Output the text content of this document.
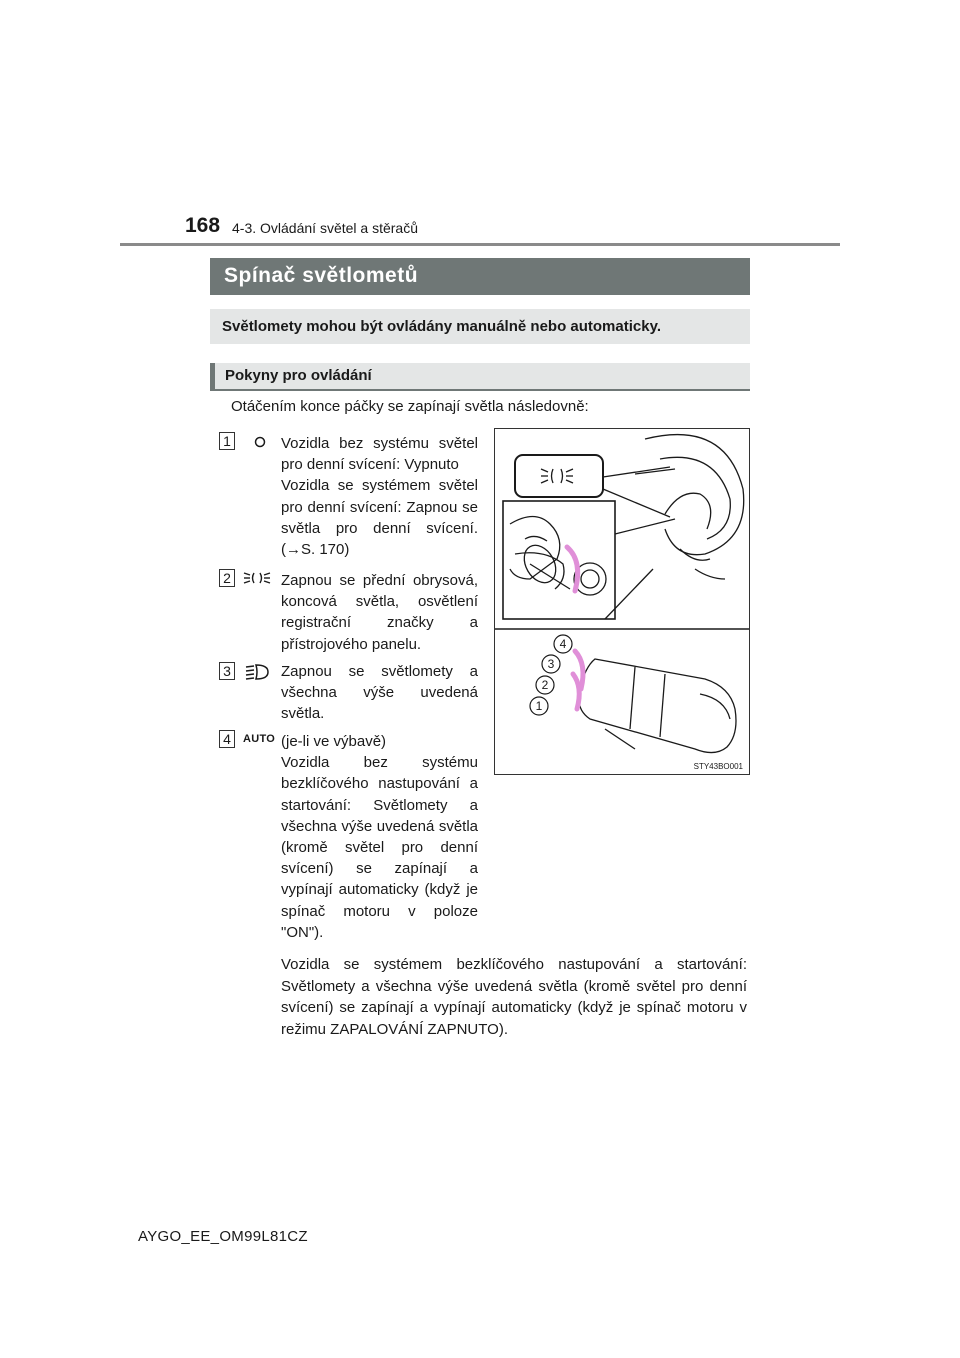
168 4-3. Ovládání světel a stěračů
Spínač světlometů
Světlomety mohou být ovládány manuálně nebo automaticky.
Pokyny pro ovládání
Otáčením konce páčky se zapínají světla následovně:
1	Vozidla bez systému světel pro denní svícení: Vypnuto

Vozidla se systémem světel pro denní svícení: Zapnou se světla pro denní svícení. (→S. 170)

2	Zapnou se přední obrysová, koncová světla, osvětlení registrační značky a přístrojového panelu.
3	Zapnou se světlomety a všechna výše uvedená světla.
4	AUTO (je-li ve výbavě)

Vozidla bez systému bezklíčového nastupování a startování: Světlomety a všechna výše uvedená světla (kromě světel pro denní svícení) se zapínají a vypínají automaticky (když je spínač motoru v poloze "ON").

Vozidla se systémem bezklíčového nastupování a startování: Světlomety a všechna výše uvedená světla (kromě světel pro denní svícení) se zapínají a vypínají automaticky (když je spínač motoru v režimu ZAPALOVÁNÍ ZAPNUTO).
4
3
2
1
STY43BO001
AYGO_EE_OM99L81CZ
